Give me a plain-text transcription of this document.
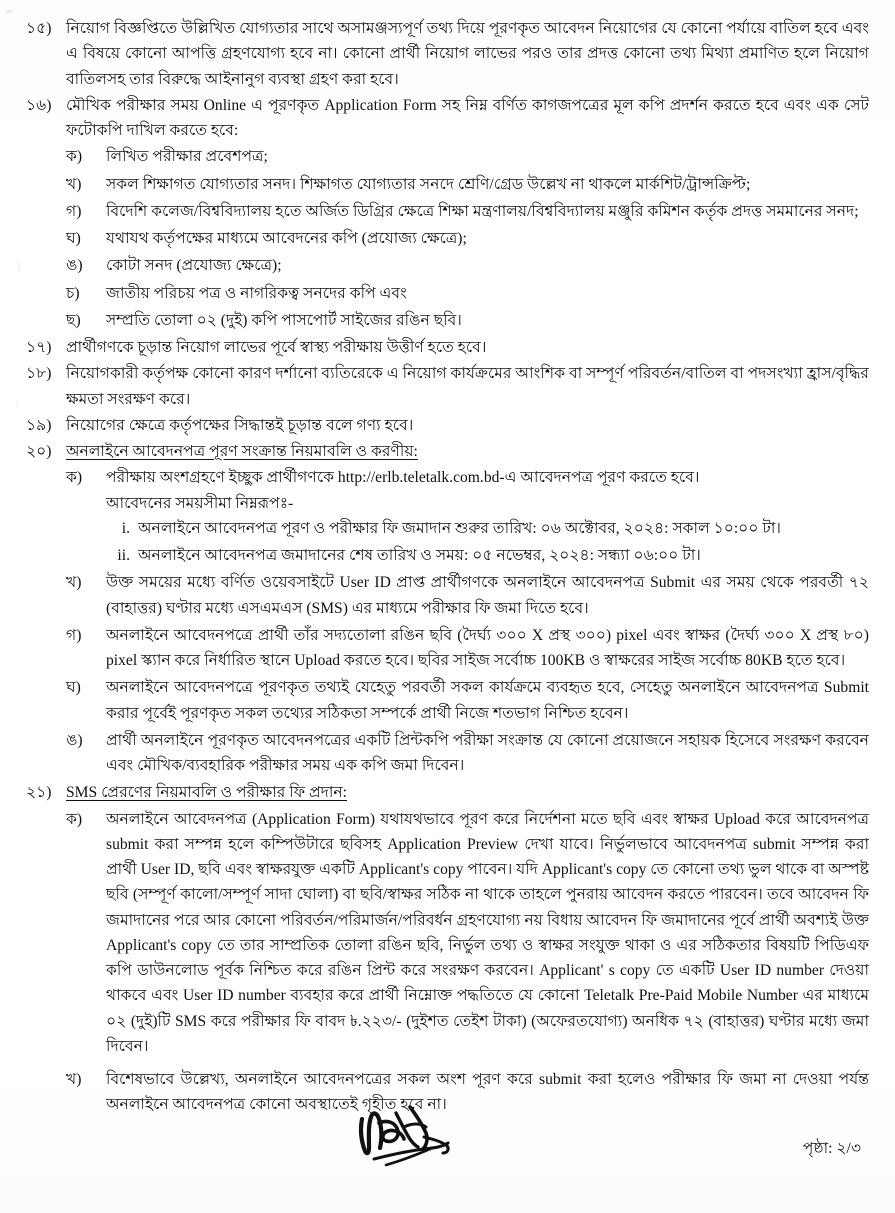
১৫) নিয়োগ বিজ্ঞপ্তিতে উল্লিখিত যোগ্যতার সাথে অসামঞ্জস্যপূর্ণ তথ্য দিয়ে পূরণকৃত আবেদন নিয়োগের যে কোনো পর্যায়ে বাতিল হবে এবং এ বিষয়ে কোনো আপত্তি গ্রহণযোগ্য হবে না। কোনো প্রার্থী নিয়োগ লাভের পরও তার প্রদত্ত কোনো তথ্য মিথ্যা প্রমাণিত হলে নিয়োগ বাতিলসহ তার বিরুদ্ধে আইনানুগ ব্যবস্থা গ্রহণ করা হবে।
১৬) মৌখিক পরীক্ষার সময় Online এ পূরণকৃত Application Form সহ নিম্ন বর্ণিত কাগজপত্রের মূল কপি প্রদর্শন করতে হবে এবং এক সেট ফটোকপি দাখিল করতে হবে:
ক)	লিখিত পরীক্ষার প্রবেশপত্র;
খ)	সকল শিক্ষাগত যোগ্যতার সনদ। শিক্ষাগত যোগ্যতার সনদে শ্রেণি/গ্রেড উল্লেখ না থাকলে মার্কশিট/ট্রান্সক্রিপ্ট;
গ)	বিদেশি কলেজ/বিশ্ববিদ্যালয় হতে অর্জিত ডিগ্রির ক্ষেত্রে শিক্ষা মন্ত্রণালয়/বিশ্ববিদ্যালয় মঞ্জুরি কমিশন কর্তৃক প্রদত্ত সমমানের সনদ;
ঘ)	যথাযথ কর্তৃপক্ষের মাধ্যমে আবেদনের কপি (প্রযোজ্য ক্ষেত্রে);
ঙ)	কোটা সনদ (প্রযোজ্য ক্ষেত্রে);
চ)	জাতীয় পরিচয় পত্র ও নাগরিকত্ব সনদের কপি এবং
ছ)	সম্প্রতি তোলা ০২ (দুই) কপি পাসপোর্ট সাইজের রঙিন ছবি।
১৭) প্রার্থীগণকে চূড়ান্ত নিয়োগ লাভের পূর্বে স্বাস্থ্য পরীক্ষায় উত্তীর্ণ হতে হবে।
১৮) নিয়োগকারী কর্তৃপক্ষ কোনো কারণ দর্শানো ব্যতিরেকে এ নিয়োগ কার্যক্রমের আংশিক বা সম্পূর্ণ পরিবর্তন/বাতিল বা পদসংখ্যা হ্রাস/বৃদ্ধির ক্ষমতা সংরক্ষণ করে।
১৯) নিয়োগের ক্ষেত্রে কর্তৃপক্ষের সিদ্ধান্তই চূড়ান্ত বলে গণ্য হবে।
২০) অনলাইনে আবেদনপত্র পূরণ সংক্রান্ত নিয়মাবলি ও করণীয়:
ক)	পরীক্ষায় অংশগ্রহণে ইচ্ছুক প্রার্থীগণকে http://erlb.teletalk.com.bd-এ আবেদনপত্র পূরণ করতে হবে।
আবেদনের সময়সীমা নিম্নরূপঃ-
i. অনলাইনে আবেদনপত্র পূরণ ও পরীক্ষার ফি জমাদান শুরুর তারিখ: ০৬ অক্টোবর, ২০২৪: সকাল ১০:০০ টা।
ii. অনলাইনে আবেদনপত্র জমাদানের শেষ তারিখ ও সময়: ০৫ নভেম্বর, ২০২৪: সন্ধ্যা ০৬:০০ টা।
খ)	উক্ত সময়ের মধ্যে বর্ণিত ওয়েবসাইটে User ID প্রাপ্ত প্রার্থীগণকে অনলাইনে আবেদনপত্র Submit এর সময় থেকে পরবর্তী ৭২ (বাহাত্তর) ঘণ্টার মধ্যে এসএমএস (SMS) এর মাধ্যমে পরীক্ষার ফি জমা দিতে হবে।
গ)	অনলাইনে আবেদনপত্রে প্রার্থী তাঁর সদ্যতোলা রঙিন ছবি (দৈর্ঘ্য ৩০০ X প্রস্থ ৩০০) pixel এবং স্বাক্ষর (দৈর্ঘ্য ৩০০ X প্রস্থ ৮০) pixel স্ক্যান করে নির্ধারিত স্থানে Upload করতে হবে। ছবির সাইজ সর্বোচ্চ 100KB ও স্বাক্ষরের সাইজ সর্বোচ্চ 80KB হতে হবে।
ঘ)	অনলাইনে আবেদনপত্রে পূরণকৃত তথ্যই যেহেতু পরবর্তী সকল কার্যক্রমে ব্যবহৃত হবে, সেহেতু অনলাইনে আবেদনপত্র Submit করার পূর্বেই পূরণকৃত সকল তথ্যের সঠিকতা সম্পর্কে প্রার্থী নিজে শতভাগ নিশ্চিত হবেন।
ঙ)	প্রার্থী অনলাইনে পূরণকৃত আবেদনপত্রের একটি প্রিন্টকপি পরীক্ষা সংক্রান্ত যে কোনো প্রয়োজনে সহায়ক হিসেবে সংরক্ষণ করবেন এবং মৌখিক/ব্যবহারিক পরীক্ষার সময় এক কপি জমা দিবেন।
২১) SMS প্রেরণের নিয়মাবলি ও পরীক্ষার ফি প্রদান:
ক)	অনলাইনে আবেদনপত্র (Application Form) যথাযথভাবে পূরণ করে নির্দেশনা মতে ছবি এবং স্বাক্ষর Upload করে আবেদনপত্র submit করা সম্পন্ন হলে কম্পিউটারে ছবিসহ Application Preview দেখা যাবে। নির্ভুলভাবে আবেদনপত্র submit সম্পন্ন করা প্রার্থী User ID, ছবি এবং স্বাক্ষরযুক্ত একটি Applicant's copy পাবেন। যদি Applicant's copy তে কোনো তথ্য ভুল থাকে বা অস্পষ্ট ছবি (সম্পূর্ণ কালো/সম্পূর্ণ সাদা ঘোলা) বা ছবি/স্বাক্ষর সঠিক না থাকে তাহলে পুনরায় আবেদন করতে পারবেন। তবে আবেদন ফি জমাদানের পরে আর কোনো পরিবর্তন/পরিমার্জন/পরিবর্ধন গ্রহণযোগ্য নয় বিধায় আবেদন ফি জমাদানের পূর্বে প্রার্থী অবশ্যই উক্ত Applicant's copy তে তার সাম্প্রতিক তোলা রঙিন ছবি, নির্ভুল তথ্য ও স্বাক্ষর সংযুক্ত থাকা ও এর সঠিকতার বিষয়টি পিডিএফ কপি ডাউনলোড পূর্বক নিশ্চিত করে রঙিন প্রিন্ট করে সংরক্ষণ করবেন। Applicant' s copy তে একটি User ID number দেওয়া থাকবে এবং User ID number ব্যবহার করে প্রার্থী নিম্নোক্ত পদ্ধতিতে যে কোনো Teletalk Pre-Paid Mobile Number এর মাধ্যমে ০২ (দুই)টি SMS করে পরীক্ষার ফি বাবদ ৳.২২৩/- (দুইশত তেইশ টাকা) (অফেরতযোগ্য) অনধিক ৭২ (বাহাত্তর) ঘণ্টার মধ্যে জমা দিবেন।
খ)	বিশেষভাবে উল্লেখ্য, অনলাইনে আবেদনপত্রের সকল অংশ পূরণ করে submit করা হলেও পরীক্ষার ফি জমা না দেওয়া পর্যন্ত অনলাইনে আবেদনপত্র কোনো অবস্থাতেই গৃহীত হবে না।
পৃষ্ঠা: ২/৩
